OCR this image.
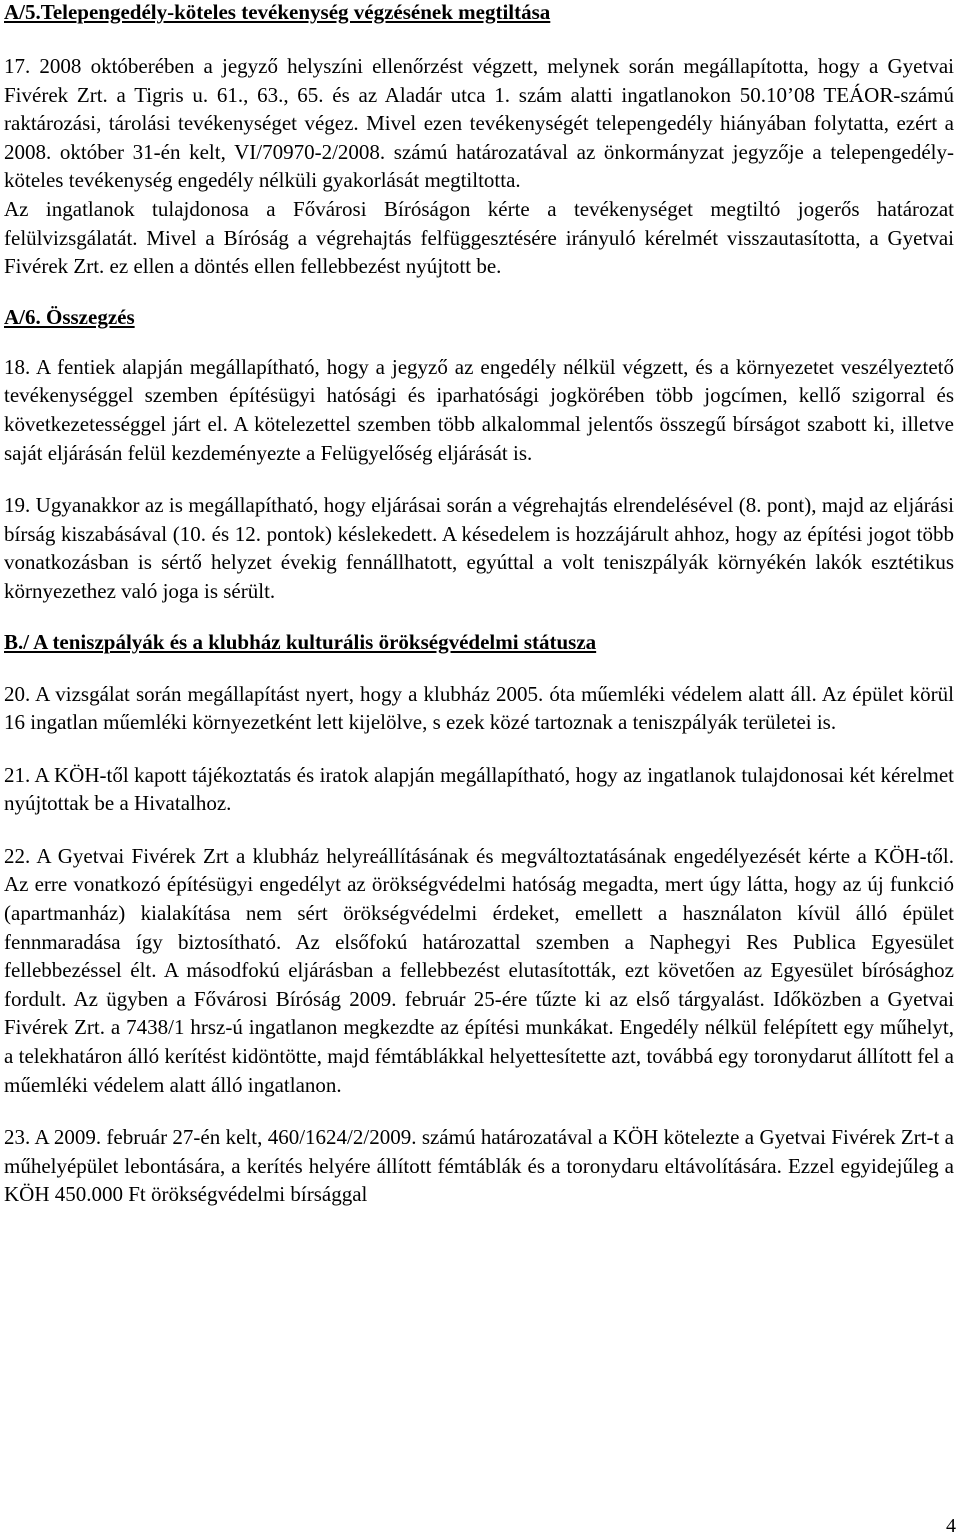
A/5.Telepengedély-köteles tevékenység végzésének megtiltása

17. 2008 októberében a jegyző helyszíni ellenőrzést végzett, melynek során megállapította, hogy a Gyetvai Fivérek Zrt. a Tigris u. 61., 63., 65. és az Aladár utca 1. szám alatti ingatlanokon 50.10’08 TEÁOR-számú raktározási, tárolási tevékenységet végez. Mivel ezen tevékenységét telepengedély hiányában folytatta, ezért a 2008. október 31-én kelt, VI/70970-2/2008. számú határozatával az önkormányzat jegyzője a telepengedély-köteles tevékenység engedély nélküli gyakorlását megtiltotta.

Az ingatlanok tulajdonosa a Fővárosi Bíróságon kérte a tevékenységet megtiltó jogerős határozat felülvizsgálatát. Mivel a Bíróság a végrehajtás felfüggesztésére irányuló kérelmét visszautasította, a Gyetvai Fivérek Zrt. ez ellen a döntés ellen fellebbezést nyújtott be.

A/6. Összegzés

18. A fentiek alapján megállapítható, hogy a jegyző az engedély nélkül végzett, és a környezetet veszélyeztető tevékenységgel szemben építésügyi hatósági és iparhatósági jogkörében több jogcímen, kellő szigorral és következetességgel járt el. A kötelezettel szemben több alkalommal jelentős összegű bírságot szabott ki, illetve saját eljárásán felül kezdeményezte a Felügyelőség eljárását is.

19. Ugyanakkor az is megállapítható, hogy eljárásai során a végrehajtás elrendelésével (8. pont), majd az eljárási bírság kiszabásával (10. és 12. pontok) késlekedett. A késedelem is hozzájárult ahhoz, hogy az építési jogot több vonatkozásban is sértő helyzet évekig fennállhatott, egyúttal a volt teniszpályák környékén lakók esztétikus környezethez való joga is sérült.

B./ A teniszpályák és a klubház kulturális örökségvédelmi státusza

20. A vizsgálat során megállapítást nyert, hogy a klubház 2005. óta műemléki védelem alatt áll. Az épület körül 16 ingatlan műemléki környezetként lett kijelölve, s ezek közé tartoznak a teniszpályák területei is.

21. A KÖH-től kapott tájékoztatás és iratok alapján megállapítható, hogy az ingatlanok tulajdonosai két kérelmet nyújtottak be a Hivatalhoz.

22. A Gyetvai Fivérek Zrt a klubház helyreállításának és megváltoztatásának engedélyezését kérte a KÖH-től. Az erre vonatkozó építésügyi engedélyt az örökségvédelmi hatóság megadta, mert úgy látta, hogy az új funkció (apartmanház) kialakítása nem sért örökségvédelmi érdeket, emellett a használaton kívül álló épület fennmaradása így biztosítható. Az elsőfokú határozattal szemben a Naphegyi Res Publica Egyesület fellebbezéssel élt. A másodfokú eljárásban a fellebbezést elutasították, ezt követően az Egyesület bírósághoz fordult. Az ügyben a Fővárosi Bíróság 2009. február 25-ére tűzte ki az első tárgyalást. Időközben a Gyetvai Fivérek Zrt. a 7438/1 hrsz-ú ingatlanon megkezdte az építési munkákat. Engedély nélkül felépített egy műhelyt, a telekhatáron álló kerítést kidöntötte, majd fémtáblákkal helyettesítette azt, továbbá egy toronydarut állított fel a műemléki védelem alatt álló ingatlanon.

23. A 2009. február 27-én kelt, 460/1624/2/2009. számú határozatával a KÖH kötelezte a Gyetvai Fivérek Zrt-t a műhelyépület lebontására, a kerítés helyére állított fémtáblák és a toronydaru eltávolítására. Ezzel egyidejűleg a KÖH 450.000 Ft örökségvédelmi bírsággal

4
